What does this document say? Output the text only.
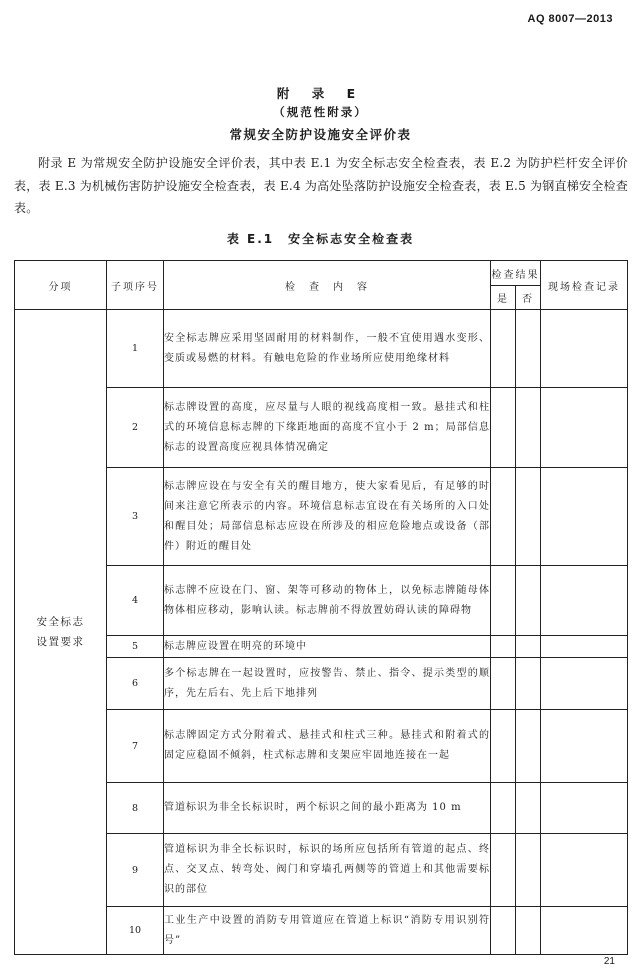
AQ 8007—2013
附 录 E
（规范性附录）
常规安全防护设施安全评价表

附录 E 为常规安全防护设施安全评价表，其中表 E.1 为安全标志安全检查表，表 E.2 为防护栏杆安全评价表，表 E.3 为机械伤害防护设施安全检查表，表 E.4 为高处坠落防护设施安全检查表，表 E.5 为钢直梯安全检查表。

表 E.1　安全标志安全检查表
分项	子项序号	检　查　内　容	检查结果		现场检查记录
			是	否	
安全标志设置要求	1	安全标志牌应采用坚固耐用的材料制作，一般不宜使用遇水变形、变质或易燃的材料。有触电危险的作业场所应使用绝缘材料			
	2	标志牌设置的高度，应尽量与人眼的视线高度相一致。悬挂式和柱式的环境信息标志牌的下缘距地面的高度不宜小于 2 m；局部信息标志的设置高度应视具体情况确定			
	3	标志牌应设在与安全有关的醒目地方，使大家看见后，有足够的时间来注意它所表示的内容。环境信息标志宜设在有关场所的入口处和醒目处；局部信息标志应设在所涉及的相应危险地点或设备（部件）附近的醒目处			
	4	标志牌不应设在门、窗、架等可移动的物体上，以免标志牌随母体物体相应移动，影响认读。标志牌前不得放置妨碍认读的障碍物			
	5	标志牌应设置在明亮的环境中			
	6	多个标志牌在一起设置时，应按警告、禁止、指令、提示类型的顺序，先左后右、先上后下地排列			
	7	标志牌固定方式分附着式、悬挂式和柱式三种。悬挂式和附着式的固定应稳固不倾斜，柱式标志牌和支架应牢固地连接在一起			
	8	管道标识为非全长标识时，两个标识之间的最小距离为 10 m			
	9	管道标识为非全长标识时，标识的场所应包括所有管道的起点、终点、交叉点、转弯处、阀门和穿墙孔两侧等的管道上和其他需要标识的部位			
	10	工业生产中设置的消防专用管道应在管道上标识“消防专用识别符号”			
21
